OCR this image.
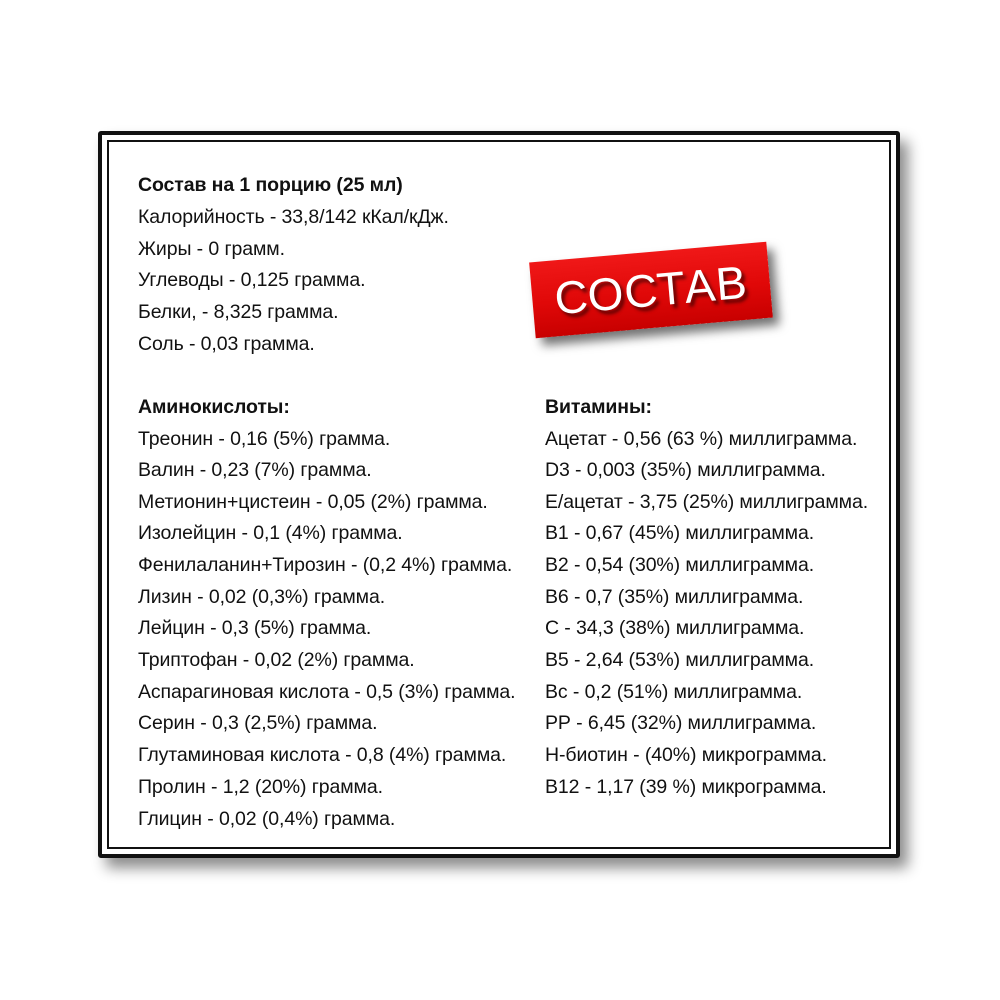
Состав на 1 порцию (25 мл)
Калорийность - 33,8/142 кКал/кДж.
Жиры - 0 грамм.
Углеводы - 0,125 грамма.
Белки, - 8,325 грамма.
Соль - 0,03 грамма.
СОСТАВ
Аминокислоты:
Треонин - 0,16 (5%) грамма.
Валин - 0,23 (7%) грамма.
Метионин+цистеин - 0,05 (2%) грамма.
Изолейцин - 0,1 (4%) грамма.
Фенилаланин+Тирозин - (0,2 4%) грамма.
Лизин - 0,02 (0,3%) грамма.
Лейцин - 0,3 (5%) грамма.
Триптофан - 0,02 (2%) грамма.
Аспарагиновая кислота - 0,5 (3%) грамма.
Серин - 0,3 (2,5%) грамма.
Глутаминовая кислота - 0,8 (4%) грамма.
Пролин - 1,2 (20%) грамма.
Глицин - 0,02 (0,4%) грамма.
Витамины:
Ацетат - 0,56 (63 %) миллиграмма.
D3 - 0,003 (35%) миллиграмма.
Е/ацетат - 3,75 (25%) миллиграмма.
В1 - 0,67 (45%) миллиграмма.
В2 - 0,54 (30%) миллиграмма.
В6 - 0,7 (35%) миллиграмма.
С - 34,3 (38%) миллиграмма.
В5 - 2,64 (53%) миллиграмма.
Вс - 0,2 (51%) миллиграмма.
РР - 6,45 (32%) миллиграмма.
Н-биотин - (40%) микрограмма.
В12 - 1,17 (39 %) микрограмма.
